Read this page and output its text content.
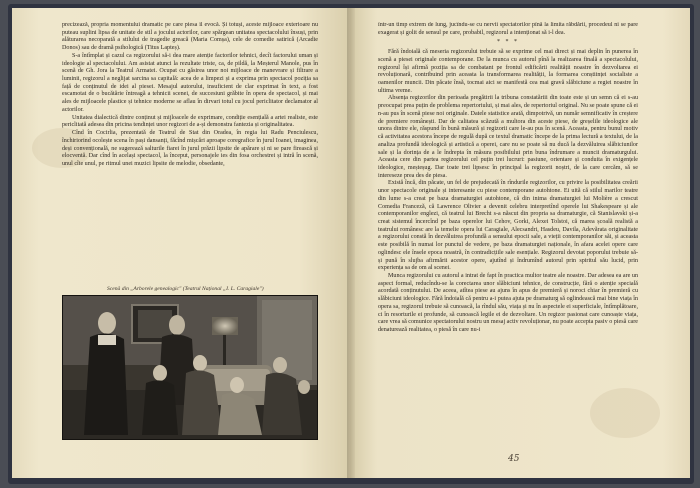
precizează, propria momentului dramatic pe care piesa îl evocă. Și totuși, aceste mijloace exterioare nu puteau suplini lipsa de unitate de stil a jocului actorilor, care spărgean unitatea spectacolului însuși, prin alăturarea necoparată a stilului de tragedie greacă (Maria Comșa), cele de comedie satirică (Arcadie Donos) sau de dramă psihologică (Titus Lapteș).

S-a întîmplat și cazul ca regizorului să-i dea mare atenție factorilor tehnici, decît factorului uman și ideologie al spectacolului. Am asistat atunci la rezultate triste, ca, de pildă, la Meșterul Manole, pus în scenă de Gh. Jora la Teatrul Armatei. Ocupat cu găsirea unor noi mijloace de manevrare și filtrare a luminii, regizorul a neglijat sarcina sa capitală: acea de a limpezi și a exprima prin spectacol poziția sa față de conținutul de idei al piesei. Mesajul autorului, insuficient de clar exprimat în text, a fost escamotat de o bucătărie întreagă a tehnicii scenei, de succesiuni grăbite în opera de spectacol, și mai ales de mijloacele plastice și tehnice moderne se aflau în dirvari totul cu jocul periclitator declamator al actorilor.

Unitatea dialectică dintre conținut și mijloacele de exprimare, condiție esențială a artei realiste, este periclitată adesea din pricina tendinței unor regizori de a-și demonstra fantezia și originalitatea.

Cînd în Cocirlia, prezentată de Teatrul de Stat din Oradea, în regia lui Radu Penciulescu, închiriorind ocolește scena în pași dansanți, făcînd mișcări aproape coregrafice în jurul Ioanei, imaginea, deși convențională, ne sugerează salturile fiarei în jurul prăzii lipsite de apărare și ni se pare firească și elocventă. Dar cînd în același spectacol, la început, personajele ies din fosa orchestrei și intră în scenă, unul cîte unul, pe ritmul unei muzici lipsite de melodie, obsedante,

Scenă din „Arborele genealogic" (Teatrul Național „I. L. Caragiale")

într-un timp extrem de lung, jucîndu-se cu nervii spectatorilor pînă la limita răbdării, procedeul ni se pare exagerat și golit de sensul pe care, probabil, regizorul a intenționat să i-l dea.

* * *

Fără îndoială că meseria regizorului trebuie să se exprime cel mai direct și mai deplin în punerea în scenă a piesei originale contemporane. De la munca cu autorul pînă la realizarea finală a spectacolului, regizorul își afirmă poziția sa de combatant pe frontul edificării realității noastre în dezvoltarea ei revoluționară, contribuind prin aceasta la transformarea realității, la formarea conștiinței socialiste a oamenilor muncii. Din păcate însă, tocmai aici se manifestă cea mai gravă slăbiciune a regiei noastre în ultima vreme.

Absența regizorilor din perioada pregătirii la tribuna constatăriii din toate este și un semn că ei s-au preocupat prea puțin de problema repertoriului, și mai ales, de repertoriul original. Nu se poate spune că ei n-au pus în scenă piese noi originale. Datele statistice arată, dimpotrivă, un număr semnificativ în creștere de premiere românești. Dar de calitatea scăzută a multora din aceste piese, de greșelile ideologice ale unora dintre ele, răspund în bună măsură și regizorii care le-au pus în scenă. Aceasta, pentru bunul motiv că activitatea acestora începe de regulă după ce textul dramatic începe de la prima lectură a textului, de la analiza profundă ideologică și artistică a operei, care nu se poate să nu ducă la dezvăluirea slăbiciunilor sale și la dorința de a le îndrepta în măsura posibilului prin buna îndrumare a muncii dramaturgului. Aceasta cere din partea regizorului cel puțin trei lucruri: pasiune, orientare și conduita în exigențele ideologice, meșteșug. Dar toate trei lipsesc în principal la regizorii noștri, de la care cercăm, să se intereseze prea des de piesa.

Există încă, din păcate, un fel de prejudecată în rîndurile regizorilor, cu privire la posibilitatea creării unor spectacole originale și interesante cu piese contemporane autohtone. Ei uită că stilul marilor teatre din lume s-a creat pe baza dramaturgiei autohtone, că din inima dramaturgiei lui Molière a crescut Comedia Franceză, că Lawrence Olivier a devenit celebru interpretînd operele lui Shakespeare și ale contemporanilor englezi, că teatrul lui Brecht s-a născut din propria sa dramaturgie, că Stanislavski și-a creat sistemul încercînd pe baza operelor lui Cehov, Gorki, Alexei Tolstoi, că marea școală realistă a teatrului românesc are la temelie opera lui Caragiale, Alecsandri, Hasdeu, Davila, Adevărata originalitate a regizorului constă în dezvăluirea profundă a sensului epocii sale, a vieții contemporanilor săi, și aceasta este posibilă în numai lor punctul de vedere, pe baza dramaturgiei naționale, în afara acelei opere care oglindesc ele însele epoca noastră, în contradicțiile sale esențiale. Regizorul devotat poporului trebuie să-și pună în slujba afirmării acestor opere, ajutînd și îndrumînd autorul prin spiritul său lucid, prin experiența sa de om al scenei.

Munca regizorului cu autorul a intrat de fapt în practica multor teatre ale noastre. Dar adesea ea are un aspect formal, reducîndu-se la corectarea unor slăbiciuni tehnice, de construcție, fără o atenție specială acordată conținutului. De aceea, atîtea piese au ajuns în apus de premieră și noroci chiar în premieră cu slăbiciuni ideologice. Fără îndoială că pentru a-i putea ajuta pe dramaturg să oglindească mai bine viața în opera sa, regizorul trebuie să cunoască, la rîndul său, viața și nu în aspectele ei superficiale, întîmplătoare, ci în resorturile ei profunde, să cunoască legile ei de dezvoltare. Un regizor pasionat care cunoaște viața, care vrea să comunice spectatorului nostru un mesaj activ revoluționar, nu poate accepta pasiv o piesă care denaturează realitatea, o piesă în care nu-i

45
